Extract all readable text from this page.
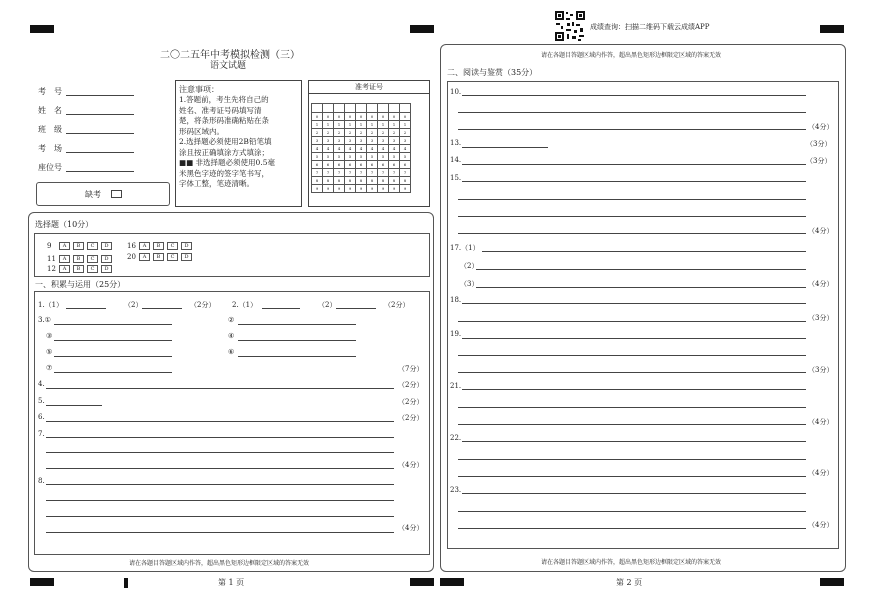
二〇二五年中考模拟检测（三）
语文试题
考　号
姓　名
班　级
考　场
座位号
缺考
注意事项：
1.答题前，考生先将自己的
姓名、准考证号码填写清
楚，将条形码准确粘贴在条
形码区域内。
2.选择题必须使用2B铅笔填
涂且按正确填涂方式填涂；
■■ 非选择题必须使用0.5毫
米黑色字迹的签字笔书写，
字体工整，笔迹清晰。
准考证号

0	0	0	0	0	0	0	0	0
1	1	1	1	1	1	1	1	1
2	2	2	2	2	2	2	2	2
3	3	3	3	3	3	3	3	3
4	4	4	4	4	4	4	4	4
5	5	5	5	5	5	5	5	5
6	6	6	6	6	6	6	6	6
7	7	7	7	7	7	7	7	7
8	8	8	8	8	8	8	8	8
9	9	9	9	9	9	9	9	9
选择题（10分）
一、积累与运用（25分）
请在各题目答题区域内作答，超出黑色矩形边框限定区域的答案无效
9 A B C D
11 A B C D
12 A B C D
16 A B C D
20 A B C D
1.（1）	（2）	（2分） 2.（1）	（2）	（2分）
3.①	②
③	④
⑤	⑥
⑦	（7分）
4.	（2分）
5.	（2分）
6.	（2分）
7.
（4分）
8.
（4分）
第 1 页
成绩查询：扫描二维码下载云成绩APP
请在各题目答题区域内作答，超出黑色矩形边框限定区域的答案无效
二、阅读与鉴赏（35分）
请在各题目答题区域内作答，超出黑色矩形边框限定区域的答案无效
10.
（4分）
13.	（3分）
14.	（3分）
15.
（4分）
17.（1）
（2）
（3）	（4分）
18.
（3分）
19.
（3分）
21.
（4分）
22.
（4分）
23.
（4分）
第 2 页
